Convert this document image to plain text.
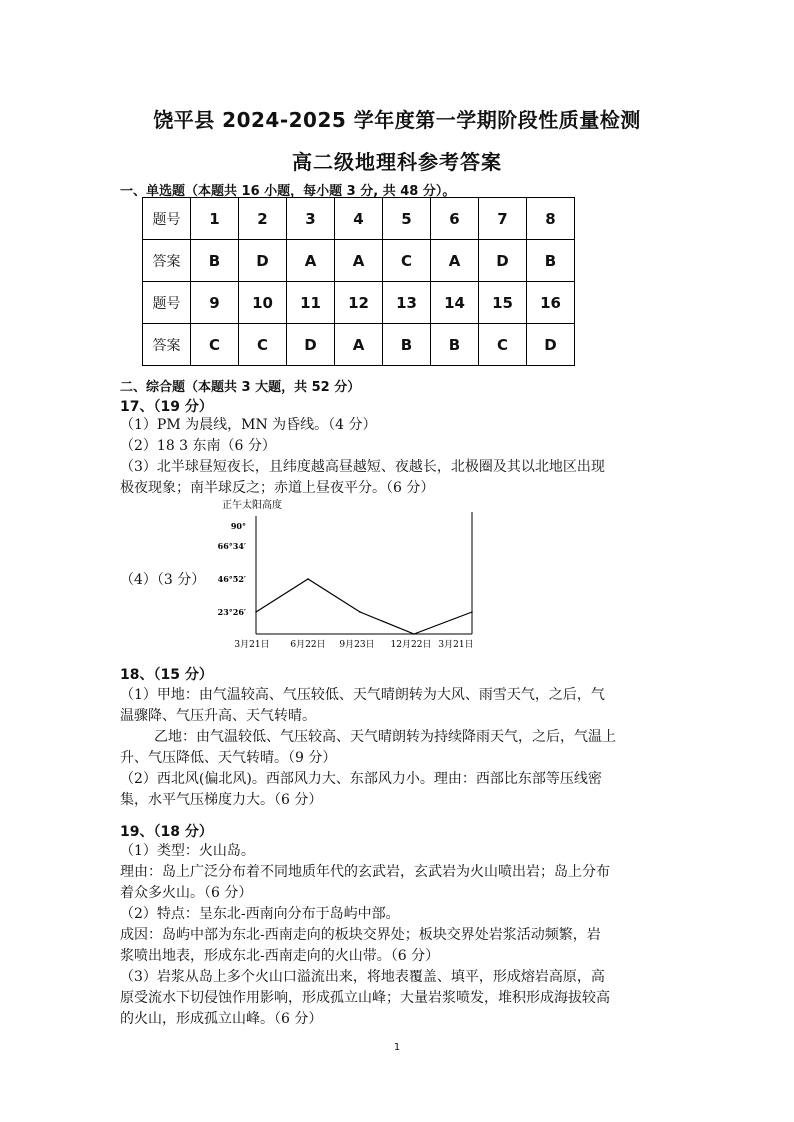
饶平县 2024-2025 学年度第一学期阶段性质量检测
高二级地理科参考答案
一、单选题（本题共 16 小题，每小题 3 分, 共 48 分）。
题号	1	2	3	4	5	6	7	8
答案	B	D	A	A	C	A	D	B
题号	9	10	11	12	13	14	15	16
答案	C	C	D	A	B	B	C	D
二、综合题（本题共 3 大题，共 52 分）
17、（19 分）
（1）PM 为晨线，MN 为昏线。（4 分）
（2）18 3 东南（6 分）
（3）北半球昼短夜长，且纬度越高昼越短、夜越长，北极圈及其以北地区出现
极夜现象；南半球反之；赤道上昼夜平分。（6 分）
（4）（3 分）
正午太阳高度
90°
66°34′
46°52′
23°26′
3月21日 6月22日 9月23日 12月22日 3月21日
18、（15 分）
（1）甲地：由气温较高、气压较低、天气晴朗转为大风、雨雪天气，之后，气
温骤降、气压升高、天气转晴。
乙地：由气温较低、气压较高、天气晴朗转为持续降雨天气，之后，气温上
升、气压降低、天气转晴。（9 分）
（2）西北风(偏北风)。西部风力大、东部风力小。理由：西部比东部等压线密
集，水平气压梯度力大。（6 分）
19、（18 分）
（1）类型：火山岛。
理由：岛上广泛分布着不同地质年代的玄武岩，玄武岩为火山喷出岩；岛上分布
着众多火山。（6 分）
（2）特点：呈东北-西南向分布于岛屿中部。
成因：岛屿中部为东北-西南走向的板块交界处；板块交界处岩浆活动频繁，岩
浆喷出地表，形成东北-西南走向的火山带。（6 分）
（3）岩浆从岛上多个火山口溢流出来，将地表覆盖、填平，形成熔岩高原，高
原受流水下切侵蚀作用影响，形成孤立山峰；大量岩浆喷发，堆积形成海拔较高
的火山，形成孤立山峰。（6 分）
1
